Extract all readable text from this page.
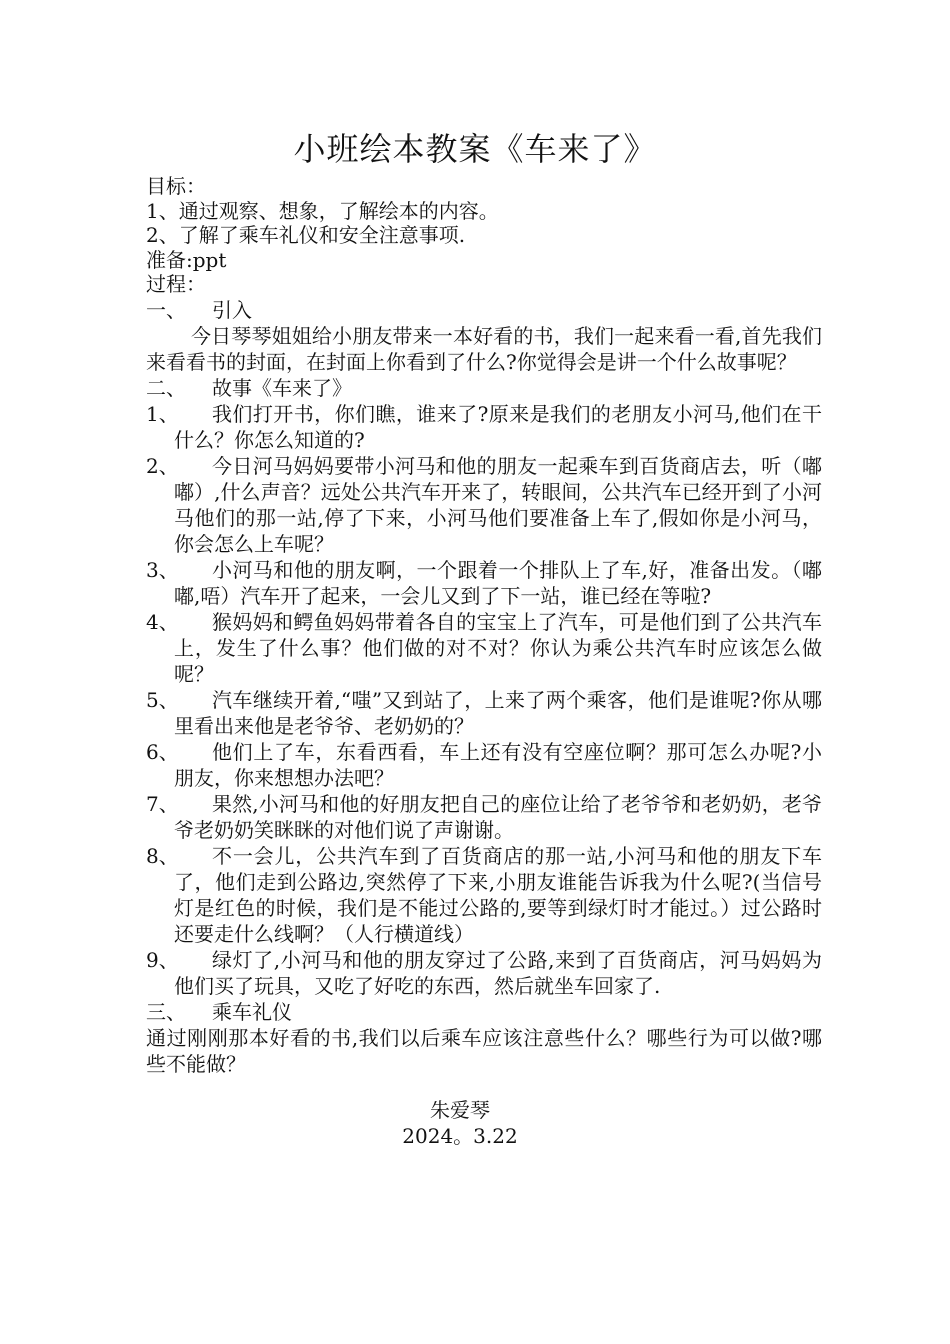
小班绘本教案《车来了》
目标：
1、通过观察、想象，了解绘本的内容。
2、了解了乘车礼仪和安全注意事项.
准备:ppt
过程：
一、	引入
今日琴琴姐姐给小朋友带来一本好看的书，我们一起来看一看,首先我们来看看书的封面，在封面上你看到了什么?你觉得会是讲一个什么故事呢？
二、	故事《车来了》
1、	我们打开书，你们瞧，谁来了?原来是我们的老朋友小河马,他们在干什么？你怎么知道的?
2、	今日河马妈妈要带小河马和他的朋友一起乘车到百货商店去，听（嘟嘟）,什么声音？远处公共汽车开来了，转眼间，公共汽车已经开到了小河马他们的那一站,停了下来，小河马他们要准备上车了,假如你是小河马，你会怎么上车呢？
3、	小河马和他的朋友啊，一个跟着一个排队上了车,好，准备出发。（嘟嘟,唔）汽车开了起来，一会儿又到了下一站，谁已经在等啦?
4、	猴妈妈和鳄鱼妈妈带着各自的宝宝上了汽车，可是他们到了公共汽车上，发生了什么事？他们做的对不对？你认为乘公共汽车时应该怎么做呢？
5、	汽车继续开着,“嗤”又到站了，上来了两个乘客，他们是谁呢?你从哪里看出来他是老爷爷、老奶奶的？
6、	他们上了车，东看西看，车上还有没有空座位啊？那可怎么办呢?小朋友，你来想想办法吧？
7、	果然,小河马和他的好朋友把自己的座位让给了老爷爷和老奶奶，老爷爷老奶奶笑眯眯的对他们说了声谢谢。
8、	不一会儿，公共汽车到了百货商店的那一站,小河马和他的朋友下车了，他们走到公路边,突然停了下来,小朋友谁能告诉我为什么呢?(当信号灯是红色的时候，我们是不能过公路的,要等到绿灯时才能过。）过公路时还要走什么线啊？（人行横道线）
9、	绿灯了,小河马和他的朋友穿过了公路,来到了百货商店，河马妈妈为他们买了玩具，又吃了好吃的东西，然后就坐车回家了.
三、	乘车礼仪
通过刚刚那本好看的书,我们以后乘车应该注意些什么？哪些行为可以做?哪些不能做？
朱爱琴
2024。3.22
